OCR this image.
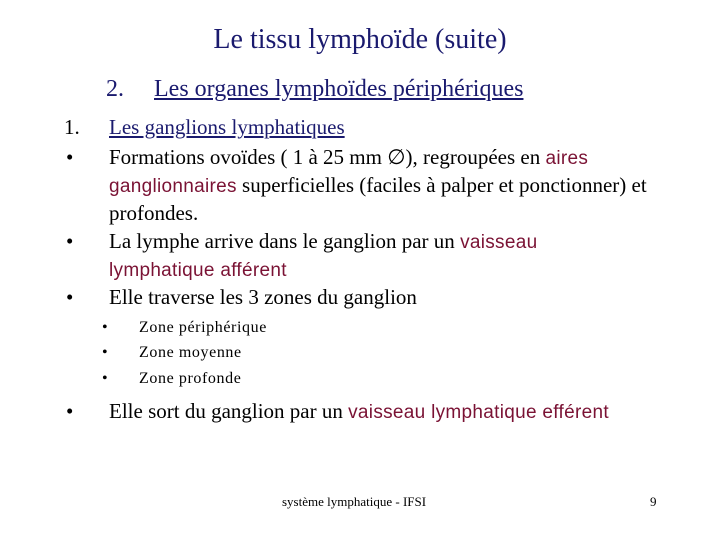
Le tissu lymphoïde (suite)
2. Les organes lymphoïdes périphériques
1. Les ganglions lymphatiques
• Formations ovoïdes ( 1 à 25 mm ∅), regroupées en aires ganglionnaires superficielles (faciles à palper et ponctionner) et profondes.
• La lymphe arrive dans le ganglion par un vaisseau lymphatique afférent
• Elle traverse les 3 zones du ganglion
• Zone périphérique
• Zone moyenne
• Zone profonde
• Elle sort du ganglion par un vaisseau lymphatique efférent
système lymphatique - IFSI	9
